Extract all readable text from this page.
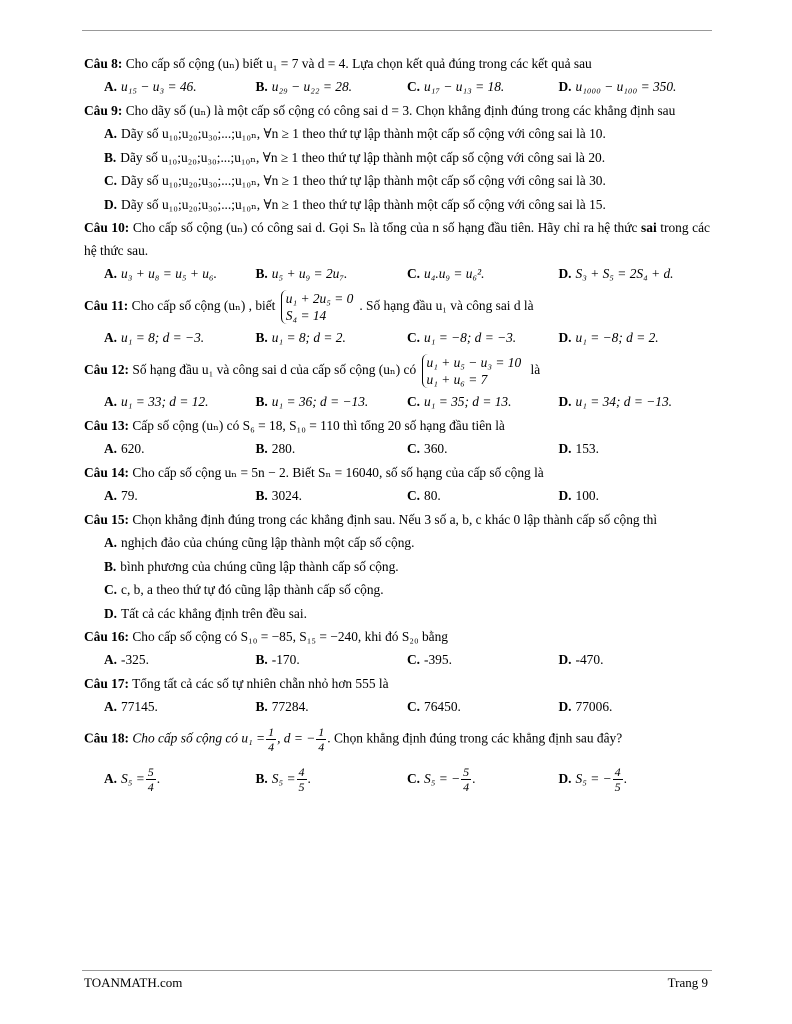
Câu 8: Cho cấp số cộng (uₙ) biết u₁ = 7 và d = 4. Lựa chọn kết quả đúng trong các kết quả sau
A. u₁₅ − u₃ = 46.	B. u₂₉ − u₂₂ = 28.	C. u₁₇ − u₁₃ = 18.	D. u₁₀₀₀ − u₁₀₀ = 350.
Câu 9: Cho dãy số (uₙ) là một cấp số cộng có công sai d = 3. Chọn khẳng định đúng trong các khẳng định sau
A. Dãy số u₁₀;u₂₀;u₃₀;...;u₁₀ₙ, ∀n ≥ 1 theo thứ tự lập thành một cấp số cộng với công sai là 10.
B. Dãy số u₁₀;u₂₀;u₃₀;...;u₁₀ₙ, ∀n ≥ 1 theo thứ tự lập thành một cấp số cộng với công sai là 20.
C. Dãy số u₁₀;u₂₀;u₃₀;...;u₁₀ₙ, ∀n ≥ 1 theo thứ tự lập thành một cấp số cộng với công sai là 30.
D. Dãy số u₁₀;u₂₀;u₃₀;...;u₁₀ₙ, ∀n ≥ 1 theo thứ tự lập thành một cấp số cộng với công sai là 15.
Câu 10: Cho cấp số cộng (uₙ) có công sai d. Gọi Sₙ là tổng của n số hạng đầu tiên. Hãy chỉ ra hệ thức sai trong các hệ thức sau.
A. u₃ + u₈ = u₅ + u₆.	B. u₅ + u₉ = 2u₇.	C. u₄.u₉ = u₆².	D. S₃ + S₅ = 2S₄ + d.
Câu 11: Cho cấp số cộng (uₙ) , biết u₁ + 2u₅ = 0
S₄ = 14. Số hạng đầu u₁ và công sai d là
A. u₁ = 8; d = −3.	B. u₁ = 8; d = 2.	C. u₁ = −8; d = −3.	D. u₁ = −8; d = 2.
Câu 12: Số hạng đầu u₁ và công sai d của cấp số cộng (uₙ) có u₁ + u₅ − u₃ = 10
u₁ + u₆ = 7 là
A. u₁ = 33; d = 12.	B. u₁ = 36; d = −13.	C. u₁ = 35; d = 13.	D. u₁ = 34; d = −13.
Câu 13: Cấp số cộng (uₙ) có S₆ = 18, S₁₀ = 110 thì tổng 20 số hạng đầu tiên là
A. 620.	B. 280.	C. 360.	D. 153.
Câu 14: Cho cấp số cộng uₙ = 5n − 2. Biết Sₙ = 16040, số số hạng của cấp số cộng là
A. 79.	B. 3024.	C. 80.	D. 100.
Câu 15: Chọn khẳng định đúng trong các khẳng định sau. Nếu 3 số a, b, c khác 0 lập thành cấp số cộng thì
A. nghịch đảo của chúng cũng lập thành một cấp số cộng.
B. bình phương của chúng cũng lập thành cấp số cộng.
C. c, b, a theo thứ tự đó cũng lập thành cấp số cộng.
D. Tất cả các khẳng định trên đều sai.
Câu 16: Cho cấp số cộng có S₁₀ = −85, S₁₅ = −240, khi đó S₂₀ bằng
A. -325.	B. -170.	C. -395.	D. -470.
Câu 17: Tổng tất cả các số tự nhiên chẵn nhỏ hơn 555 là
A. 77145.	B. 77284.	C. 76450.	D. 77006.
Câu 18: Cho cấp số cộng có $u_1 = \frac{1}{4}$ , d = − $\frac{1}{4}$ . Chọn khẳng định đúng trong các khẳng định sau đây?
A. $S_5 = \frac{5}{4}$ .	B. $S_5 = \frac{4}{5}$ .	C. S₅ = − $\frac{5}{4}$ .	D. S₅ = − $\frac{4}{5}$ .
TOANMATH.com	Trang 9
